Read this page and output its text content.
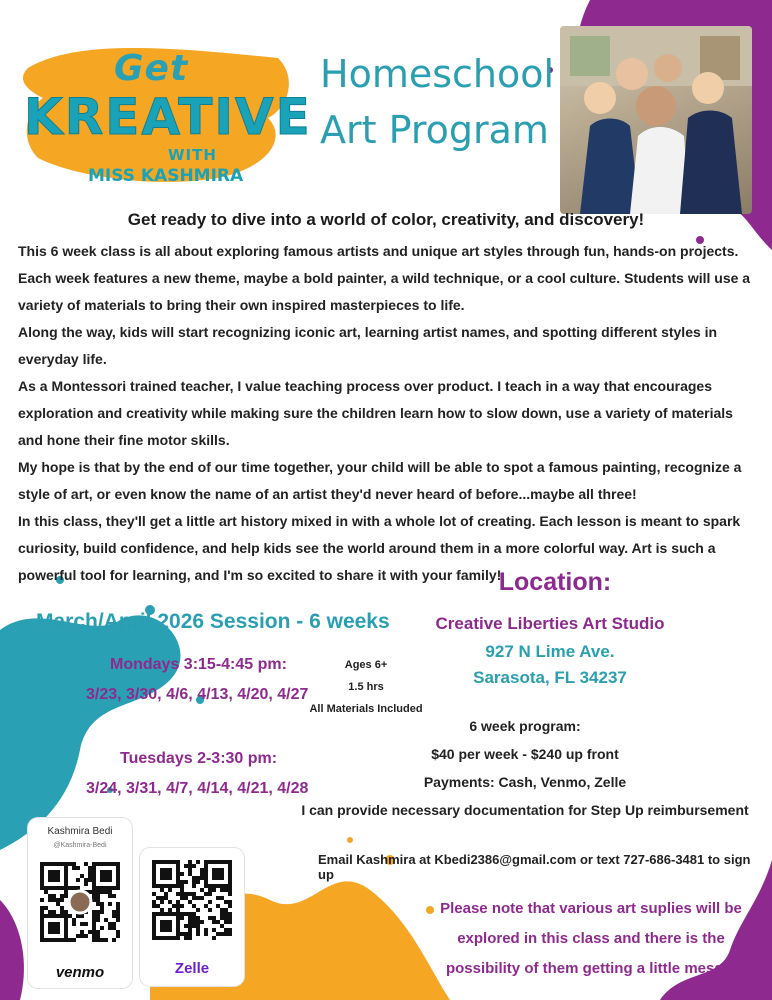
Get
KREATIVE
WITH
MISS KASHMIRA
Homeschool
Art Program
Get ready to dive into a world of color, creativity, and discovery!

This 6 week class is all about exploring famous artists and unique art styles through fun, hands-on projects. Each week features a new theme, maybe a bold painter, a wild technique, or a cool culture. Students will use a variety of materials to bring their own inspired masterpieces to life.

Along the way, kids will start recognizing iconic art, learning artist names, and spotting different styles in everyday life.

As a Montessori trained teacher, I value teaching process over product. I teach in a way that encourages exploration and creativity while making sure the children learn how to slow down, use a variety of materials and hone their fine motor skills.

My hope is that by the end of our time together, your child will be able to spot a famous painting, recognize a style of art, or even know the name of an artist they'd never heard of before...maybe all three!

In this class, they'll get a little art history mixed in with a whole lot of creating. Each lesson is meant to spark curiosity, build confidence, and help kids see the world around them in a more colorful way. Art is such a powerful tool for learning, and I'm so excited to share it with your family!

Location:
Creative Liberties Art Studio
927 N Lime Ave.
Sarasota, FL 34237
March/April 2026 Session - 6 weeks
Mondays 3:15-4:45 pm:
3/23, 3/30, 4/6, 4/13, 4/20, 4/27
Tuesdays 2-3:30 pm:
3/24, 3/31, 4/7, 4/14, 4/21, 4/28
Ages 6+
1.5 hrs
All Materials Included
6 week program:
$40 per week - $240 up front
Payments: Cash, Venmo, Zelle
I can provide necessary documentation for Step Up reimbursement
Email Kashmira at Kbedi2386@gmail.com or text 727-686-3481 to sign up
Please note that various art suplies will be
explored in this class and there is the
possibility of them getting a little messy!
Kashmira Bedi
@Kashmira-Bedi
venmo	Zelle
